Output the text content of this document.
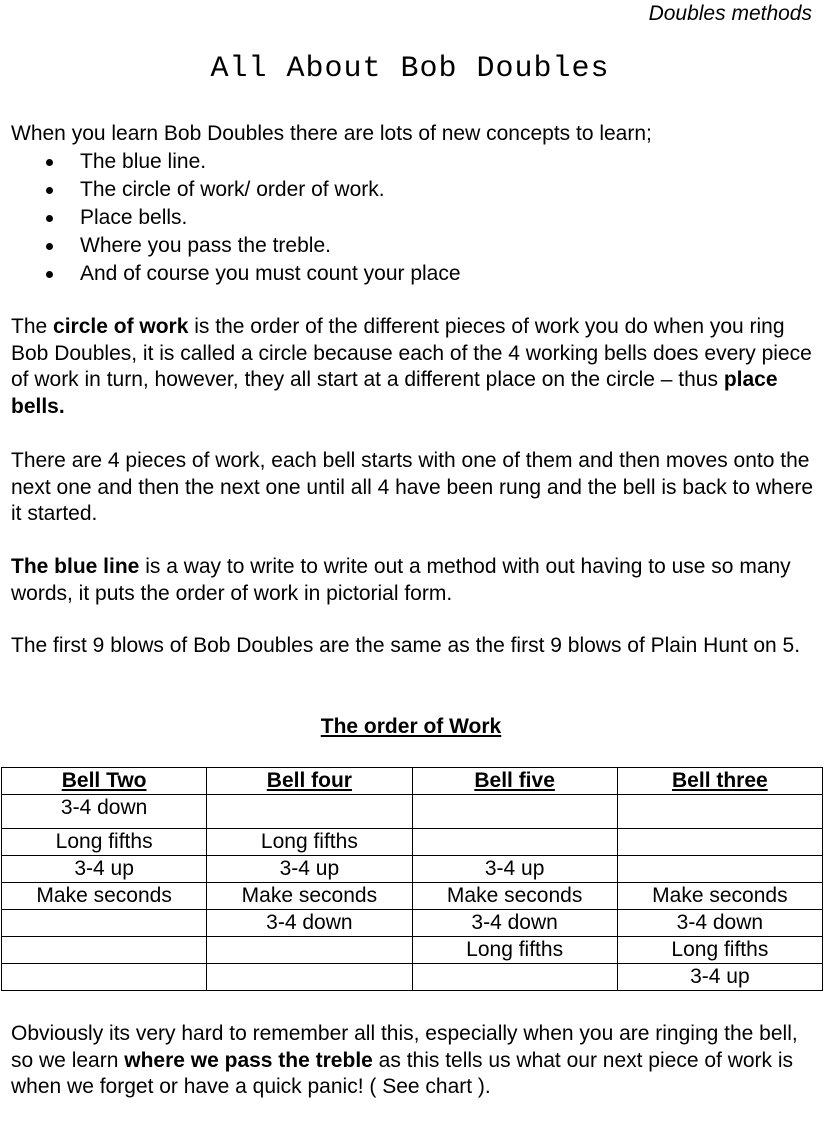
Doubles methods
All About Bob Doubles
When you learn Bob Doubles there are lots of new concepts to learn;
The blue line.
The circle of work/ order of work.
Place bells.
Where you pass the treble.
And of course you must count your place
The circle of work is the order of the different pieces of work you do when you ring Bob Doubles, it is called a circle because each of the 4 working bells does every piece of work in turn, however, they all start at a different place on the circle – thus place bells.
There are 4 pieces of work, each bell starts with one of them and then moves onto the next one and then the next one until all 4 have been rung and the bell is back to where it started.
The blue line is a way to write to write out a method with out having to use so many words, it puts the order of work in pictorial form.
The first 9 blows of Bob Doubles are the same as the first 9 blows of Plain Hunt on 5.
The order of Work
Bell Two	Bell four	Bell five	Bell three
3-4 down			
Long fifths	Long fifths		
3-4 up	3-4 up	3-4 up	
Make seconds	Make seconds	Make seconds	Make seconds
	3-4 down	3-4 down	3-4 down
		Long fifths	Long fifths
			3-4 up
Obviously its very hard to remember all this, especially when you are ringing the bell, so we learn where we pass the treble as this tells us what our next piece of work is when we forget or have a quick panic! ( See chart ).
